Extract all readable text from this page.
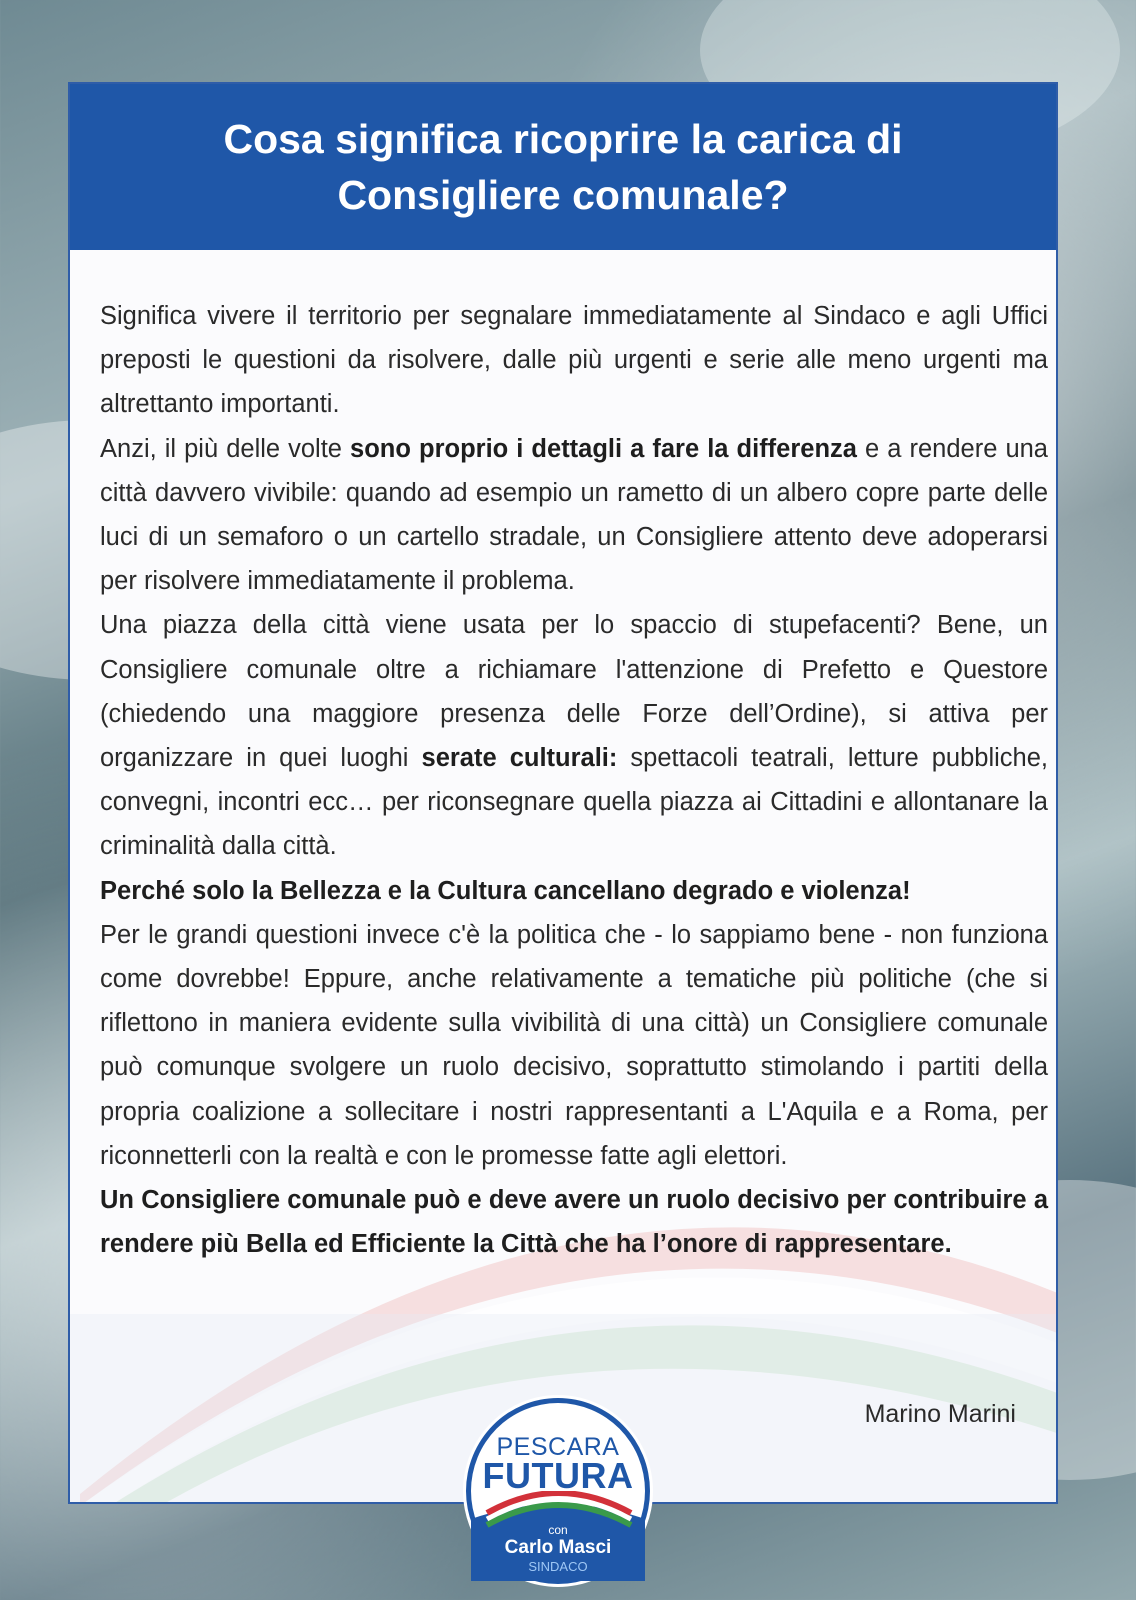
Cosa significa ricoprire la carica di Consigliere comunale?

Significa vivere il territorio per segnalare immediatamente al Sindaco e agli Uffici preposti le questioni da risolvere, dalle più urgenti e serie alle meno urgenti ma altrettanto importanti.

Anzi, il più delle volte sono proprio i dettagli a fare la differenza e a rendere una città davvero vivibile: quando ad esempio un rametto di un albero copre parte delle luci di un semaforo o un cartello stradale, un Consigliere attento deve adoperarsi per risolvere immediatamente il problema.

Una piazza della città viene usata per lo spaccio di stupefacenti? Bene, un Consigliere comunale oltre a richiamare l'attenzione di Prefetto e Questore (chiedendo una maggiore presenza delle Forze dell’Ordine), si attiva per organizzare in quei luoghi serate culturali: spettacoli teatrali, letture pubbliche, convegni, incontri ecc… per riconsegnare quella piazza ai Cittadini e allontanare la criminalità dalla città.

Perché solo la Bellezza e la Cultura cancellano degrado e violenza!

Per le grandi questioni invece c'è la politica che - lo sappiamo bene - non funziona come dovrebbe! Eppure, anche relativamente a tematiche più politiche (che si riflettono in maniera evidente sulla vivibilità di una città) un Consigliere comunale può comunque svolgere un ruolo decisivo, soprattutto stimolando i partiti della propria coalizione a sollecitare i nostri rappresentanti a L'Aquila e a Roma, per riconnetterli con la realtà e con le promesse fatte agli elettori.

Un Consigliere comunale può e deve avere un ruolo decisivo per contribuire a rendere più Bella ed Efficiente la Città che ha l’onore di rappresentare.

Marino Marini
PESCARA
FUTURA
con
Carlo Masci
SINDACO
